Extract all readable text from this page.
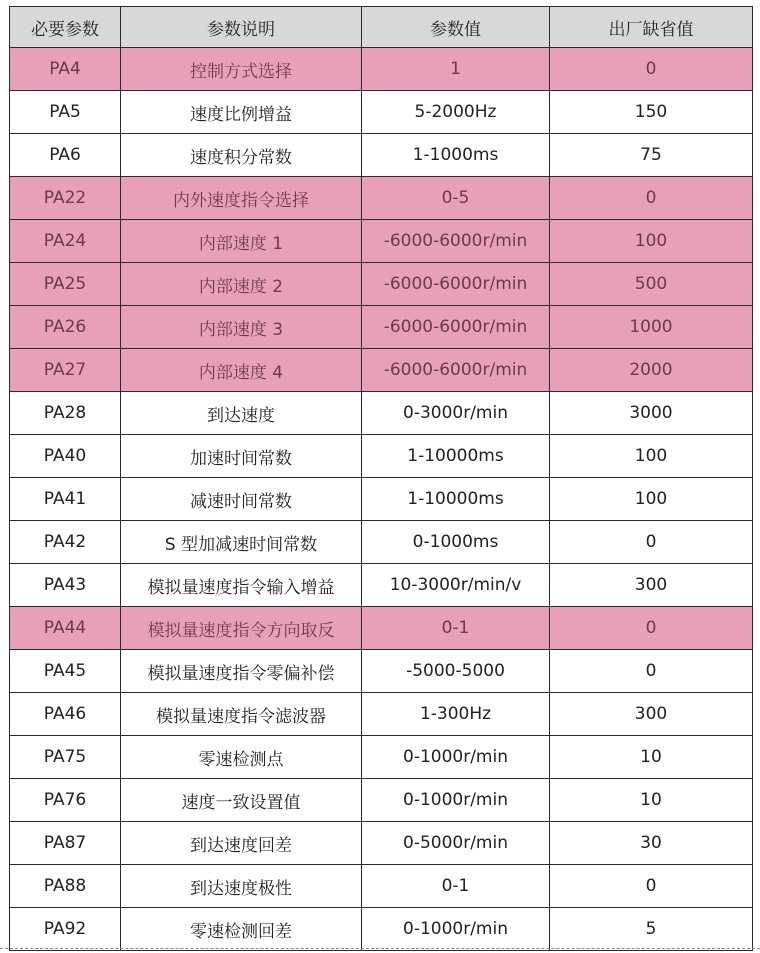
必要参数	参数说明	参数值	出厂缺省值
PA4	控制方式选择	1	0
PA5	速度比例增益	5-2000Hz	150
PA6	速度积分常数	1-1000ms	75
PA22	内外速度指令选择	0-5	0
PA24	内部速度 1	-6000-6000r/min	100
PA25	内部速度 2	-6000-6000r/min	500
PA26	内部速度 3	-6000-6000r/min	1000
PA27	内部速度 4	-6000-6000r/min	2000
PA28	到达速度	0-3000r/min	3000
PA40	加速时间常数	1-10000ms	100
PA41	减速时间常数	1-10000ms	100
PA42	S 型加减速时间常数	0-1000ms	0
PA43	模拟量速度指令输入增益	10-3000r/min/v	300
PA44	模拟量速度指令方向取反	0-1	0
PA45	模拟量速度指令零偏补偿	-5000-5000	0
PA46	模拟量速度指令滤波器	1-300Hz	300
PA75	零速检测点	0-1000r/min	10
PA76	速度一致设置值	0-1000r/min	10
PA87	到达速度回差	0-5000r/min	30
PA88	到达速度极性	0-1	0
PA92	零速检测回差	0-1000r/min	5
